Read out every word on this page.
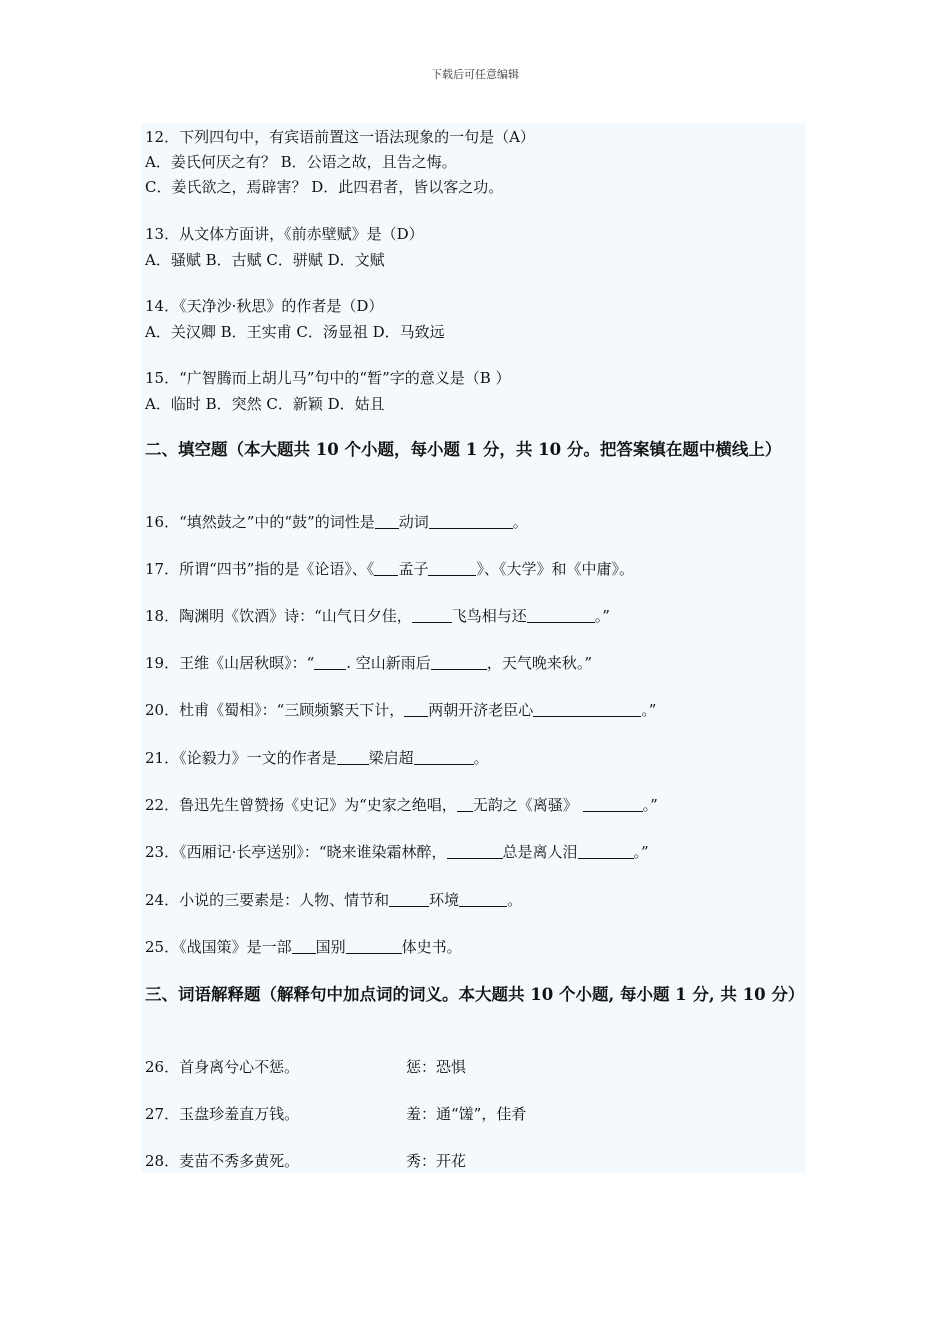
下载后可任意编辑
12．下列四句中，有宾语前置这一语法现象的一句是（A）
A．姜氏何厌之有？ B．公语之故，且告之悔。
C．姜氏欲之，焉辟害？ D．此四君者，皆以客之功。
13．从文体方面讲，《前赤壁赋》是（D）
A．骚赋 B．古赋 C．骈赋 D．文赋
14．《天净沙·秋思》的作者是（D）
A．关汉卿 B．王实甫 C．汤显祖 D．马致远
15．“广智腾而上胡儿马”句中的“暂”字的意义是（B ）
A．临时 B．突然 C．新颖 D．姑且
二、填空题（本大题共 10 个小题，每小题 1 分，共 10 分。把答案镇在题中横线上）
16．“填然鼓之”中的“鼓”的词性是 动词	。
17．所谓“四书”指的是《论语》、《 孟子	》、《大学》和《中庸》。
18．陶渊明《饮酒》诗：“山气日夕佳，	飞鸟相与还	。”
19．王维《山居秋暝》：“ . 空山新雨后	，天气晚来秋。”
20．杜甫《蜀相》：“三顾频繁天下计， 两朝开济老臣心	。”
21．《论毅力》一文的作者是 梁启超	。
22．鲁迅先生曾赞扬《史记》为“史家之绝唱， 无韵之《离骚》	。”
23．《西厢记·长亭送别》：“晓来谁染霜林醉，	总是离人泪	。”
24．小说的三要素是：人物、情节和	环境	。
25．《战国策》是一部 国别	体史书。
三、词语解释题（解释句中加点词的词义。本大题共 10 个小题, 每小题 1 分, 共 10 分）
26．首身离兮心不惩。	惩：恐惧
27．玉盘珍羞直万钱。	羞：通“馐”，佳肴
28．麦苗不秀多黄死。	秀：开花
